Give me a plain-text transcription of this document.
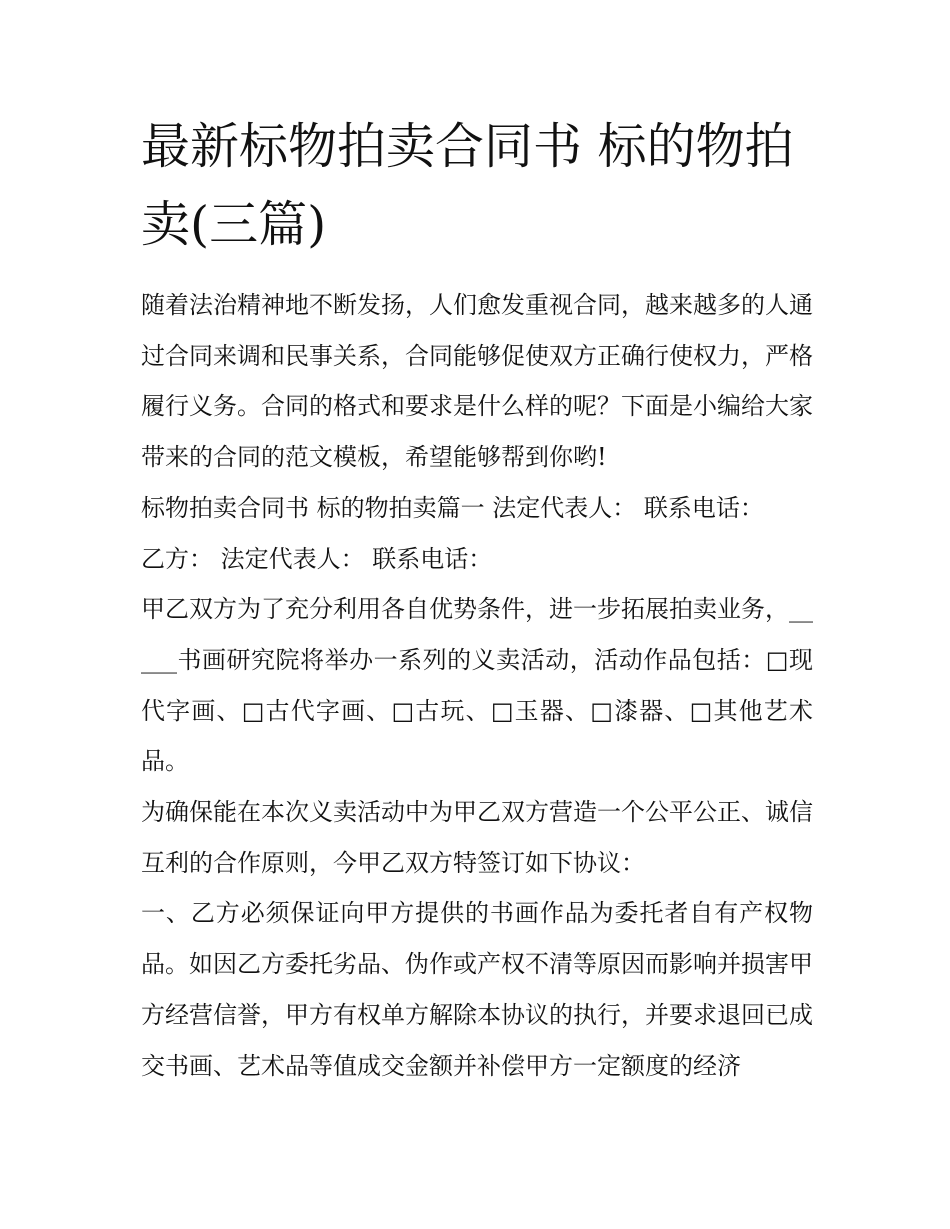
最新标物拍卖合同书 标的物拍卖(三篇)

随着法治精神地不断发扬，人们愈发重视合同，越来越多的人通过合同来调和民事关系，合同能够促使双方正确行使权力，严格履行义务。合同的格式和要求是什么样的呢？下面是小编给大家带来的合同的范文模板，希望能够帮到你哟!

标物拍卖合同书 标的物拍卖篇一 法定代表人： 联系电话：

乙方： 法定代表人： 联系电话：

甲乙双方为了充分利用各自优势条件，进一步拓展拍卖业务，_____书画研究院将举办一系列的义卖活动，活动作品包括：□现代字画、□古代字画、□古玩、□玉器、□漆器、□其他艺术品。

为确保能在本次义卖活动中为甲乙双方营造一个公平公正、诚信互利的合作原则，今甲乙双方特签订如下协议：

一、乙方必须保证向甲方提供的书画作品为委托者自有产权物品。如因乙方委托劣品、伪作或产权不清等原因而影响并损害甲方经营信誉，甲方有权单方解除本协议的执行，并要求退回已成交书画、艺术品等值成交金额并补偿甲方一定额度的经济
